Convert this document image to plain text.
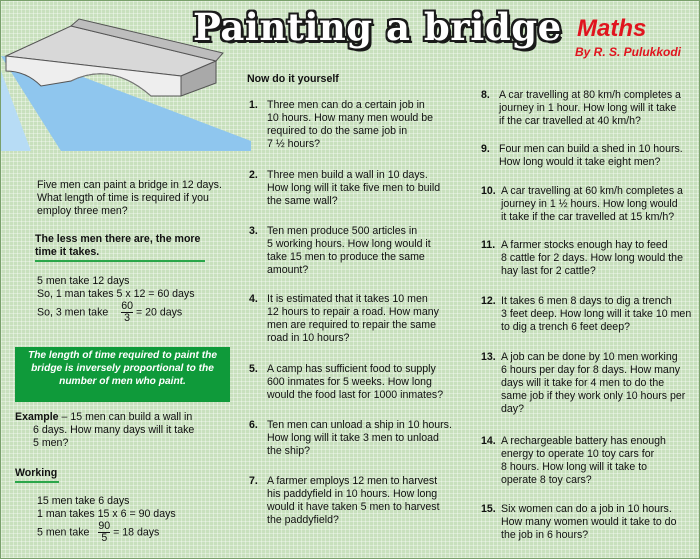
Painting a bridge Maths
By R. S. Pulukkodi
Five men can paint a bridge in 12 days.
What length of time is required if you
employ three men?
The less men there are, the more
time it takes.
5 men take 12 days
So, 1 man takes 5 x 12 = 60 days
So, 3 men take $\frac{60}{3} = 20$ days
The length of time required to paint the
bridge is inversely proportional to the
number of men who paint.
Example – 15 men can build a wall in
6 days. How many days will it take
5 men?
Working
15 men take 6 days
1 man takes 15 x 6 = 90 days
5 men take $\frac{90}{5} = 18$ days
Now do it yourself
1. Three men can do a certain job in
10 hours. How many men would be
required to do the same job in
7 ½ hours?
2. Three men build a wall in 10 days.
How long will it take five men to build
the same wall?
3. Ten men produce 500 articles in
5 working hours. How long would it
take 15 men to produce the same
amount?
4. It is estimated that it takes 10 men
12 hours to repair a road. How many
men are required to repair the same
road in 10 hours?
5. A camp has sufficient food to supply
600 inmates for 5 weeks. How long
would the food last for 1000 inmates?
6. Ten men can unload a ship in 10 hours.
How long will it take 3 men to unload
the ship?
7. A farmer employs 12 men to harvest
his paddyfield in 10 hours. How long
would it have taken 5 men to harvest
the paddyfield?
8. A car travelling at 80 km/h completes a
journey in 1 hour. How long will it take
if the car travelled at 40 km/h?
9. Four men can build a shed in 10 hours.
How long would it take eight men?
10. A car travelling at 60 km/h completes a
journey in 1 ½ hours. How long would
it take if the car travelled at 15 km/h?
11. A farmer stocks enough hay to feed
8 cattle for 2 days. How long would the
hay last for 2 cattle?
12. It takes 6 men 8 days to dig a trench
3 feet deep. How long will it take 10 men
to dig a trench 6 feet deep?
13. A job can be done by 10 men working
6 hours per day for 8 days. How many
days will it take for 4 men to do the
same job if they work only 10 hours per
day?
14. A rechargeable battery has enough
energy to operate 10 toy cars for
8 hours. How long will it take to
operate 8 toy cars?
15. Six women can do a job in 10 hours.
How many women would it take to do
the job in 6 hours?
